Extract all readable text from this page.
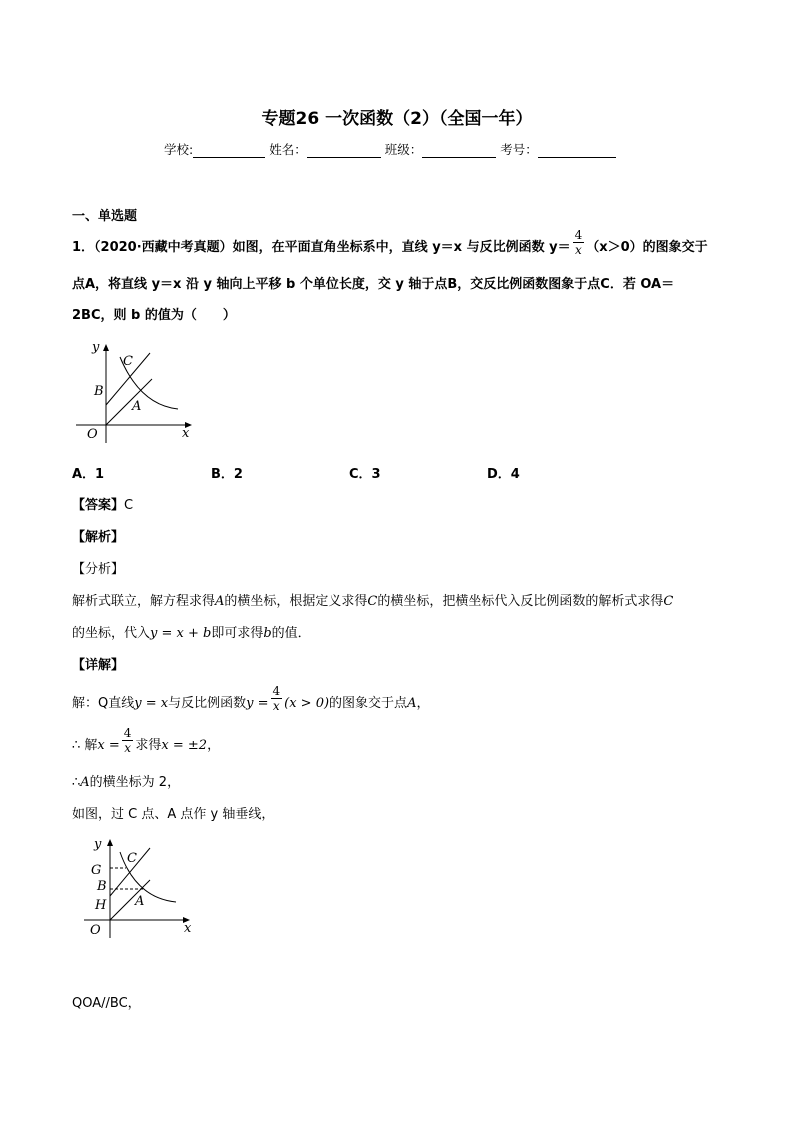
专题26 一次函数（2）（全国一年）
学校:	姓名：	班级：	考号：
一、单选题
1．（2020·西藏中考真题）如图，在平面直角坐标系中，直线 y＝x 与反比例函数 $y= \frac{4}{x} (x>0)$的图象交于
点A，将直线 y＝x 沿 y 轴向上平移 b 个单位长度，交 y 轴于点B，交反比例函数图象于点C．若 OA＝
2BC，则 b 的值为（　　）
y
x
O
B
C
A
A．1	B．2	C．3	D．4
【答案】C
【解析】
【分析】
解析式联立，解方程求得A的横坐标，根据定义求得C的横坐标，把横坐标代入反比例函数的解析式求得C
的坐标，代入y = x + b即可求得b的值．
【详解】
解：Q直线y = x与反比例函数$y = \frac{4}{x} (x > 0)$的图象交于点A，
∴ 解$x = \frac{4}{x}$ 求得x = ±2，
∴A的横坐标为 2，
如图，过 C 点、A 点作 y 轴垂线，
y
x
O
G
B
H
C
A
QOA//BC，
